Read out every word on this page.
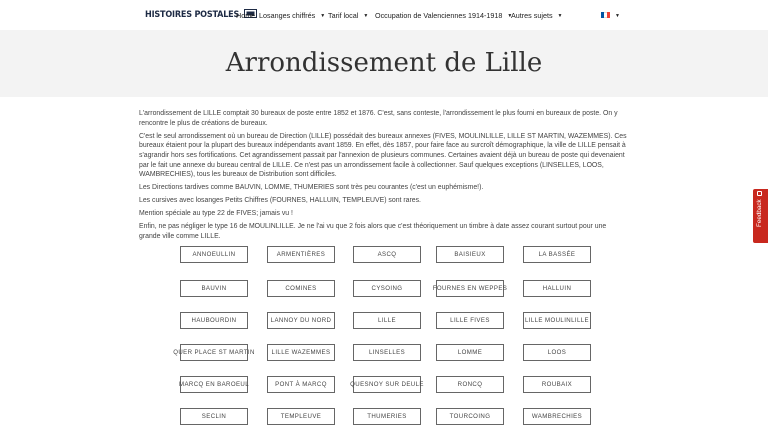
HISTOIRES POSTALES
Home Losanges chiffrés ▼ Tarif local ▼ Occupation de Valenciennes 1914-1918 ▼
Autres sujets ▼	▼
Arrondissement de Lille

L'arrondissement de LILLE comptait 30 bureaux de poste entre 1852 et 1876. C'est, sans conteste, l'arrondissement le plus fourni en bureaux de poste. On y rencontre le plus de créations de bureaux.

C'est le seul arrondissement où un bureau de Direction (LILLE) possédait des bureaux annexes (FIVES, MOULINLILLE, LILLE ST MARTIN, WAZEMMES). Ces bureaux étaient pour la plupart des bureaux indépendants avant 1859. En effet, dès 1857, pour faire face au surcroît démographique, la ville de LILLE pensait à s'agrandir hors ses fortifications. Cet agrandissement passait par l'annexion de plusieurs communes. Certaines avaient déjà un bureau de poste qui devenaient par le fait une annexe du bureau central de LILLE. Ce n'est pas un arrondissement facile à collectionner. Sauf quelques exceptions (LINSELLES, LOOS, WAMBRECHIES), tous les bureaux de Distribution sont difficiles.

Les Directions tardives comme BAUVIN, LOMME, THUMERIES sont très peu courantes (c'est un euphémisme!).

Les cursives avec losanges Petits Chiffres (FOURNES, HALLUIN, TEMPLEUVE) sont rares.

Mention spéciale au type 22 de FIVES; jamais vu !

Enfin, ne pas négliger le type 16 de MOULINLILLE. Je ne l'ai vu que 2 fois alors que c'est théoriquement un timbre à date assez courant surtout pour une grande ville comme LILLE.

ANNOEULLIN	ARMENTIÈRES	ASCQ	BAISIEUX	LA BASSÉE
BAUVIN	COMINES	CYSOING	FOURNES EN WEPPES	HALLUIN
HAUBOURDIN	LANNOY DU NORD	LILLE	LILLE FIVES	LILLE MOULINLILLE
QUER PLACE ST MARTIN	LILLE WAZEMMES	LINSELLES	LOMME	LOOS
MARCQ EN BAROEUL	PONT À MARCQ	QUESNOY SUR DEULE	RONCQ	ROUBAIX
SECLIN	TEMPLEUVE	THUMERIES	TOURCOING	WAMBRECHIES
Feedback
